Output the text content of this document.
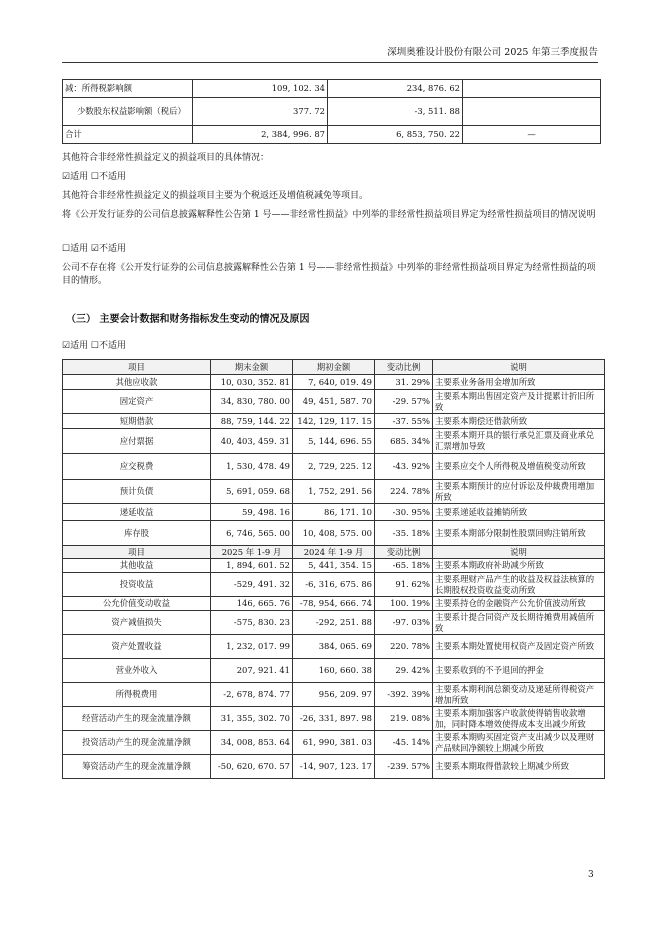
深圳奥雅设计股份有限公司 2025 年第三季度报告
减：所得税影响额	109, 102. 34	234, 876. 62	
少数股东权益影响额（税后）	377. 72	-3, 511. 88	
合计	2, 384, 996. 87	6, 853, 750. 22	—
其他符合非经常性损益定义的损益项目的具体情况：
☑适用 ☐不适用
其他符合非经常性损益定义的损益项目主要为个税返还及增值税减免等项目。
将《公开发行证券的公司信息披露解释性公告第 1 号——非经常性损益》中列举的非经常性损益项目界定为经常性损益项目的情况说明
☐适用 ☑不适用
公司不存在将《公开发行证券的公司信息披露解释性公告第 1 号——非经常性损益》中列举的非经常性损益项目界定为经常性损益的项目的情形。
（三） 主要会计数据和财务指标发生变动的情况及原因
☑适用 ☐不适用
项目	期末金额	期初金额	变动比例	说明
其他应收款	10, 030, 352. 81	7, 640, 019. 49	31. 29%	主要系业务备用金增加所致
固定资产	34, 830, 780. 00	49, 451, 587. 70	-29. 57%	主要系本期出售固定资产及计提累计折旧所致
短期借款	88, 759, 144. 22	142, 129, 117. 15	-37. 55%	主要系本期偿还借款所致
应付票据	40, 403, 459. 31	5, 144, 696. 55	685. 34%	主要系本期开具的银行承兑汇票及商业承兑汇票增加导致
应交税费	1, 530, 478. 49	2, 729, 225. 12	-43. 92%	主要系应交个人所得税及增值税变动所致
预计负债	5, 691, 059. 68	1, 752, 291. 56	224. 78%	主要系本期预计的应付诉讼及仲裁费用增加所致
递延收益	59, 498. 16	86, 171. 10	-30. 95%	主要系递延收益摊销所致
库存股	6, 746, 565. 00	10, 408, 575. 00	-35. 18%	主要系本期部分限制性股票回购注销所致
项目	2025 年 1-9 月	2024 年 1-9 月	变动比例	说明
其他收益	1, 894, 601. 52	5, 441, 354. 15	-65. 18%	主要系本期政府补助减少所致
投资收益	-529, 491. 32	-6, 316, 675. 86	91. 62%	主要系理财产品产生的收益及权益法核算的长期股权投资收益变动所致
公允价值变动收益	146, 665. 76	-78, 954, 666. 74	100. 19%	主要系持仓的金融资产公允价值波动所致
资产减值损失	-575, 830. 23	-292, 251. 88	-97. 03%	主要系计提合同资产及长期待摊费用减值所致
资产处置收益	1, 232, 017. 99	384, 065. 69	220. 78%	主要系本期处置使用权资产及固定资产所致
营业外收入	207, 921. 41	160, 660. 38	29. 42%	主要系收到的不予退回的押金
所得税费用	-2, 678, 874. 77	956, 209. 97	-392. 39%	主要系本期利润总额变动及递延所得税资产增加所致
经营活动产生的现金流量净额	31, 355, 302. 70	-26, 331, 897. 98	219. 08%	主要系本期加强客户收款使得销售收款增加，同时降本增效使得成本支出减少所致
投资活动产生的现金流量净额	34, 008, 853. 64	61, 990, 381. 03	-45. 14%	主要系本期购买固定资产支出减少以及理财产品赎回净额较上期减少所致
筹资活动产生的现金流量净额	-50, 620, 670. 57	-14, 907, 123. 17	-239. 57%	主要系本期取得借款较上期减少所致
3
